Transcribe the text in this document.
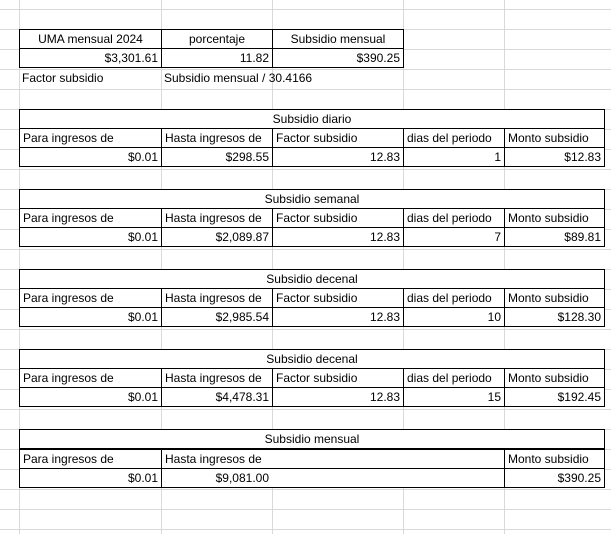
UMA mensual 2024	porcentaje	Subsidio mensual
$3,301.61	11.82	$390.25
Factor subsidio	Subsidio mensual / 30.4166
Subsidio diario
Para ingresos de	Hasta ingresos de	Factor subsidio	dias del periodo	Monto subsidio
$0.01	$298.55	12.83	1	$12.83
Subsidio semanal
Para ingresos de	Hasta ingresos de	Factor subsidio	dias del periodo	Monto subsidio
$0.01	$2,089.87	12.83	7	$89.81
Subsidio decenal
Para ingresos de	Hasta ingresos de	Factor subsidio	dias del periodo	Monto subsidio
$0.01	$2,985.54	12.83	10	$128.30
Subsidio decenal
Para ingresos de	Hasta ingresos de	Factor subsidio	dias del periodo	Monto subsidio
$0.01	$4,478.31	12.83	15	$192.45
Subsidio mensual
Para ingresos de	Hasta ingresos de	Monto subsidio
$0.01	$9,081.00	$390.25
